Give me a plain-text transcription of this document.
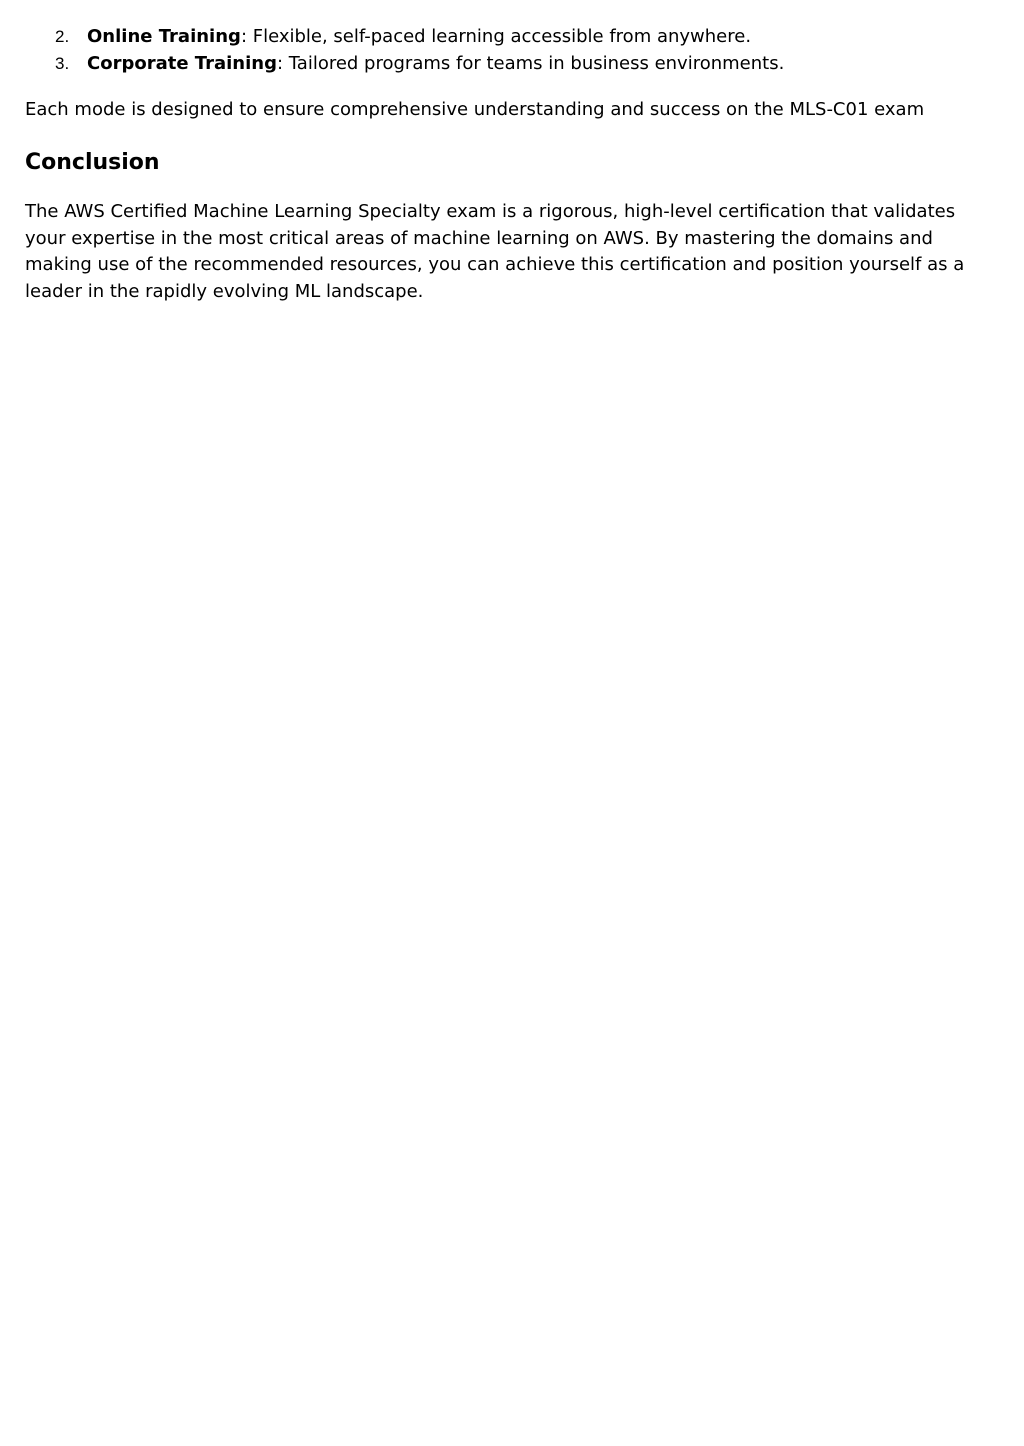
2. Online Training: Flexible, self-paced learning accessible from anywhere.
3. Corporate Training: Tailored programs for teams in business environments.

Each mode is designed to ensure comprehensive understanding and success on the MLS-C01 exam

Conclusion

The AWS Certified Machine Learning Specialty exam is a rigorous, high-level certification that validates your expertise in the most critical areas of machine learning on AWS. By mastering the domains and making use of the recommended resources, you can achieve this certification and position yourself as a leader in the rapidly evolving ML landscape.
